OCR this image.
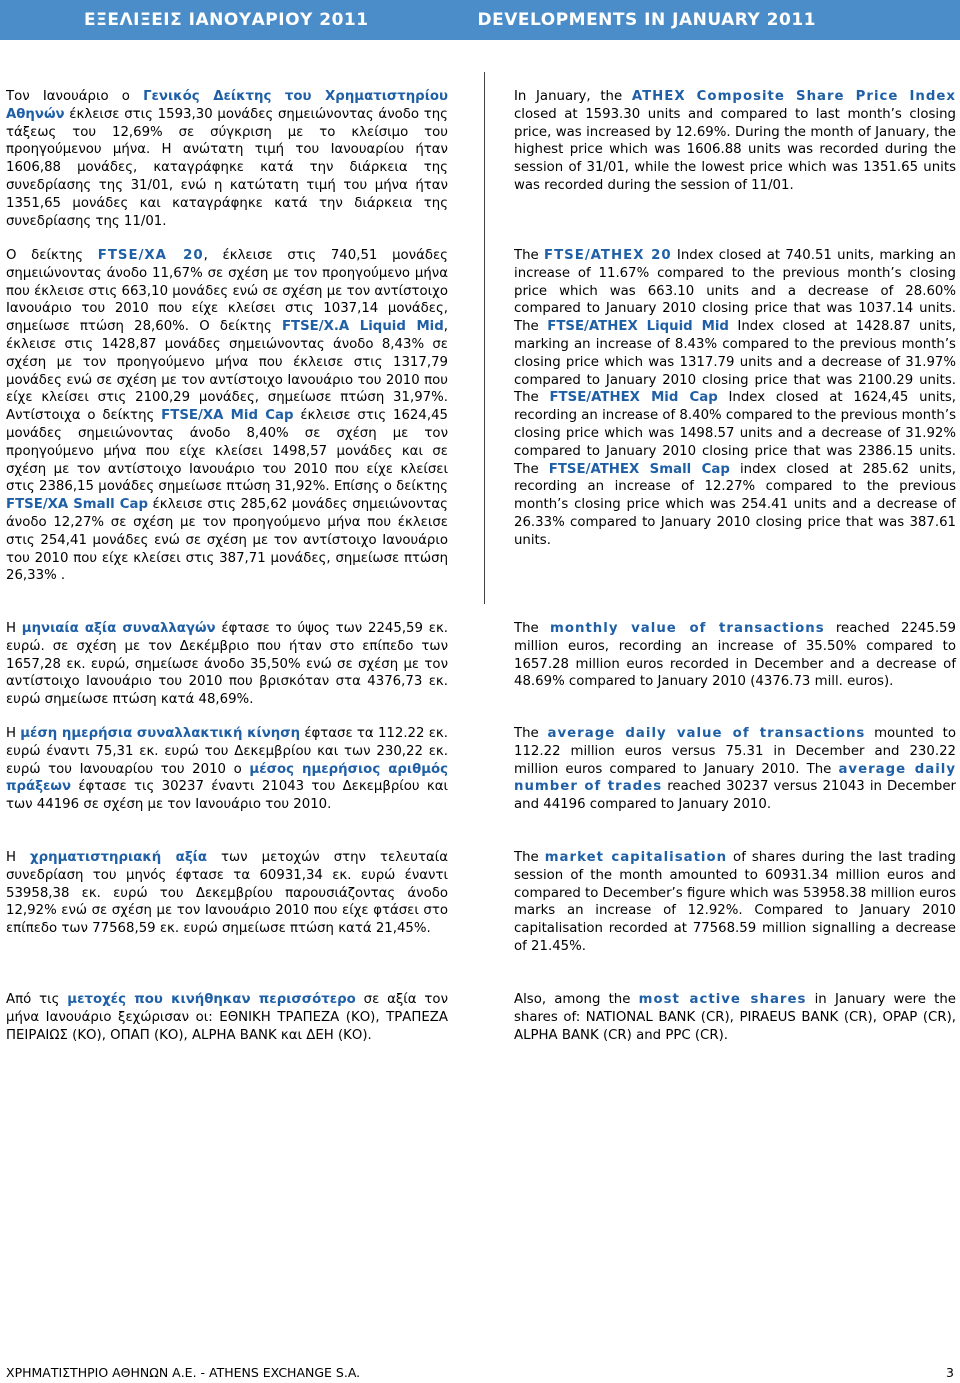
ΕΞΕΛΙΞΕΙΣ ΙΑΝΟΥΑΡΙΟΥ 2011	DEVELOPMENTS IN JANUARY 2011

Τον Ιανουάριο ο Γενικός Δείκτης του Χρηματιστηρίου Αθηνών έκλεισε στις 1593,30 μονάδες σημειώνοντας άνοδο της τάξεως του 12,69% σε σύγκριση με το κλείσιμο του προηγούμενου μήνα. Η ανώτατη τιμή του Ιανουαρίου ήταν 1606,88 μονάδες, καταγράφηκε κατά την διάρκεια της συνεδρίασης της 31/01, ενώ η κατώτατη τιμή του μήνα ήταν 1351,65 μονάδες και καταγράφηκε κατά την διάρκεια της συνεδρίασης της 11/01.

Ο δείκτης FTSE/ΧΑ 20, έκλεισε στις 740,51 μονάδες σημειώνοντας άνοδο 11,67% σε σχέση με τον προηγούμενο μήνα που έκλεισε στις 663,10 μονάδες ενώ σε σχέση με τον αντίστοιχο Ιανουάριο του 2010 που είχε κλείσει στις 1037,14 μονάδες, σημείωσε πτώση 28,60%. Ο δείκτης FTSE/Χ.Α Liquid Mid, έκλεισε στις 1428,87 μονάδες σημειώνοντας άνοδο 8,43% σε σχέση με τον προηγούμενο μήνα που έκλεισε στις 1317,79 μονάδες ενώ σε σχέση με τον αντίστοιχο Ιανουάριο του 2010 που είχε κλείσει στις 2100,29 μονάδες, σημείωσε πτώση 31,97%. Αντίστοιχα ο δείκτης FTSE/ΧΑ Mid Cap έκλεισε στις 1624,45 μονάδες σημειώνοντας άνοδο 8,40% σε σχέση με τον προηγούμενο μήνα που είχε κλείσει 1498,57 μονάδες και σε σχέση με τον αντίστοιχο Ιανουάριο του 2010 που είχε κλείσει στις 2386,15 μονάδες σημείωσε πτώση 31,92%. Επίσης ο δείκτης FTSE/ΧΑ Small Cap έκλεισε στις 285,62 μονάδες σημειώνοντας άνοδο 12,27% σε σχέση με τον προηγούμενο μήνα που έκλεισε στις 254,41 μονάδες ενώ σε σχέση με τον αντίστοιχο Ιανουάριο του 2010 που είχε κλείσει στις 387,71 μονάδες, σημείωσε πτώση 26,33% .

Η μηνιαία αξία συναλλαγών έφτασε το ύψος των 2245,59 εκ. ευρώ. σε σχέση με τον Δεκέμβριο που ήταν στο επίπεδο των 1657,28 εκ. ευρώ, σημείωσε άνοδο 35,50% ενώ σε σχέση με τον αντίστοιχο Ιανουάριο του 2010 που βρισκόταν στα 4376,73 εκ. ευρώ σημείωσε πτώση κατά 48,69%.

Η μέση ημερήσια συναλλακτική κίνηση έφτασε τα 112.22 εκ. ευρώ έναντι 75,31 εκ. ευρώ του Δεκεμβρίου και των 230,22 εκ. ευρώ του Ιανουαρίου του 2010 ο μέσος ημερήσιος αριθμός πράξεων έφτασε τις 30237 έναντι 21043 του Δεκεμβρίου και των 44196 σε σχέση με τον Ιανουάριο του 2010.

Η χρηματιστηριακή αξία των μετοχών στην τελευταία συνεδρίαση του μηνός έφτασε τα 60931,34 εκ. ευρώ έναντι 53958,38 εκ. ευρώ του Δεκεμβρίου παρουσιάζοντας άνοδο 12,92% ενώ σε σχέση με τον Ιανουάριο 2010 που είχε φτάσει στο επίπεδο των 77568,59 εκ. ευρώ σημείωσε πτώση κατά 21,45%.

Από τις μετοχές που κινήθηκαν περισσότερο σε αξία τον μήνα Ιανουάριο ξεχώρισαν οι: ΕΘΝΙΚΗ ΤΡΑΠΕΖΑ (ΚΟ), ΤΡΑΠΕΖΑ ΠΕΙΡΑΙΩΣ (ΚΟ), ΟΠΑΠ (ΚΟ), ALPHA BANK και ΔΕΗ (ΚΟ).

In January, the ATHEX Composite Share Price Index closed at 1593.30 units and compared to last month’s closing price, was increased by 12.69%. During the month of January, the highest price which was 1606.88 units was recorded during the session of 31/01, while the lowest price which was 1351.65 units was recorded during the session of 11/01.

The FTSE/ATHEX 20 Index closed at 740.51 units, marking an increase of 11.67% compared to the previous month’s closing price which was 663.10 units and a decrease of 28.60% compared to January 2010 closing price that was 1037.14 units. The FTSE/ATHEX Liquid Mid Index closed at 1428.87 units, marking an increase of 8.43% compared to the previous month’s closing price which was 1317.79 units and a decrease of 31.97% compared to January 2010 closing price that was 2100.29 units. The FTSE/ATHEX Mid Cap Index closed at 1624,45 units, recording an increase of 8.40% compared to the previous month’s closing price which was 1498.57 units and a decrease of 31.92% compared to January 2010 closing price that was 2386.15 units. The FTSE/ATHEX Small Cap index closed at 285.62 units, recording an increase of 12.27% compared to the previous month’s closing price which was 254.41 units and a decrease of 26.33% compared to January 2010 closing price that was 387.61 units.

The monthly value of transactions reached 2245.59 million euros, recording an increase of 35.50% compared to 1657.28 million euros recorded in December and a decrease of 48.69% compared to January 2010 (4376.73 mill. euros).

The average daily value of transactions mounted to 112.22 million euros versus 75.31 in December and 230.22 million euros compared to January 2010. The average daily number of trades reached 30237 versus 21043 in December and 44196 compared to January 2010.

The market capitalisation of shares during the last trading session of the month amounted to 60931.34 million euros and compared to December’s figure which was 53958.38 million euros marks an increase of 12.92%. Compared to January 2010 capitalisation recorded at 77568.59 million signalling a decrease of 21.45%.

Also, among the most active shares in January were the shares of: NATIONAL BANK (CR), PIRAEUS BANK (CR), OPAP (CR), ALPHA BANK (CR) and PPC (CR).

ΧΡΗΜΑΤΙΣΤΗΡΙΟ ΑΘΗΝΩΝ Α.Ε. - ATHENS EXCHANGE S.A.	3
